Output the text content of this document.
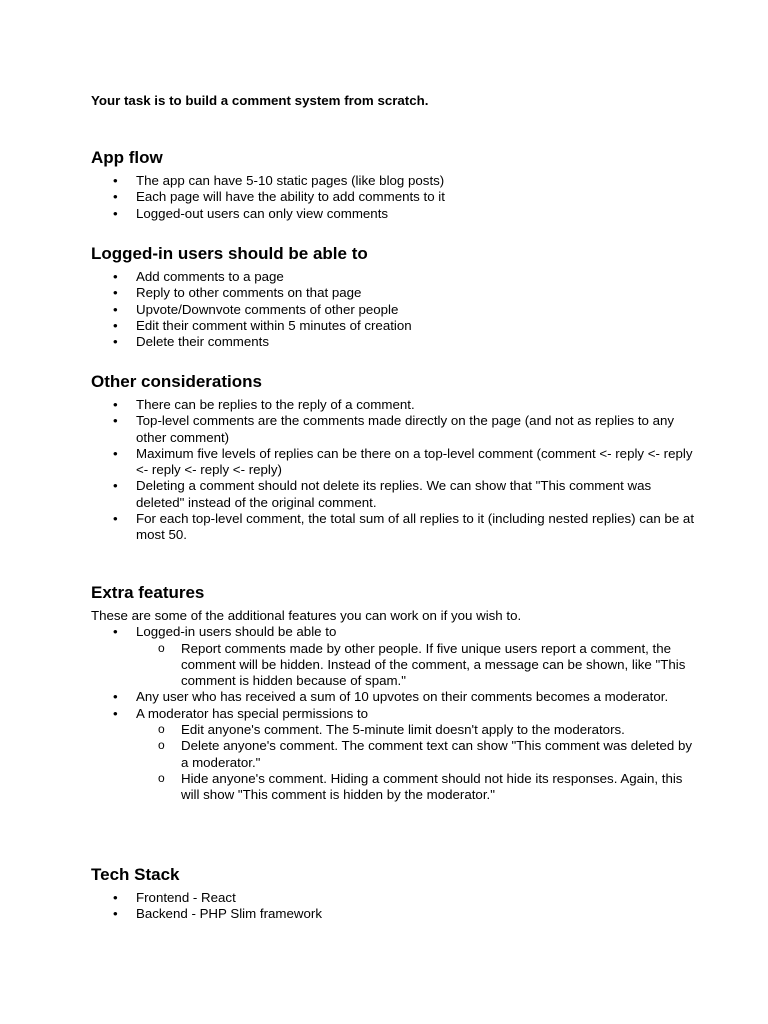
Your task is to build a comment system from scratch.
App flow
• The app can have 5-10 static pages (like blog posts)
• Each page will have the ability to add comments to it
• Logged-out users can only view comments
Logged-in users should be able to
• Add comments to a page
• Reply to other comments on that page
• Upvote/Downvote comments of other people
• Edit their comment within 5 minutes of creation
• Delete their comments
Other considerations
• There can be replies to the reply of a comment.
• Top-level comments are the comments made directly on the page (and not as replies to any other comment)
• Maximum five levels of replies can be there on a top-level comment (comment <- reply <- reply <- reply <- reply <- reply)
• Deleting a comment should not delete its replies. We can show that "This comment was deleted" instead of the original comment.
• For each top-level comment, the total sum of all replies to it (including nested replies) can be at most 50.
Extra features

These are some of the additional features you can work on if you wish to.

• Logged-in users should be able to
o Report comments made by other people. If five unique users report a comment, the comment will be hidden. Instead of the comment, a message can be shown, like "This comment is hidden because of spam."
• Any user who has received a sum of 10 upvotes on their comments becomes a moderator.
• A moderator has special permissions to
o Edit anyone's comment. The 5-minute limit doesn't apply to the moderators.
o Delete anyone's comment. The comment text can show "This comment was deleted by a moderator."
o Hide anyone's comment. Hiding a comment should not hide its responses. Again, this will show "This comment is hidden by the moderator."
Tech Stack
• Frontend - React
• Backend - PHP Slim framework
